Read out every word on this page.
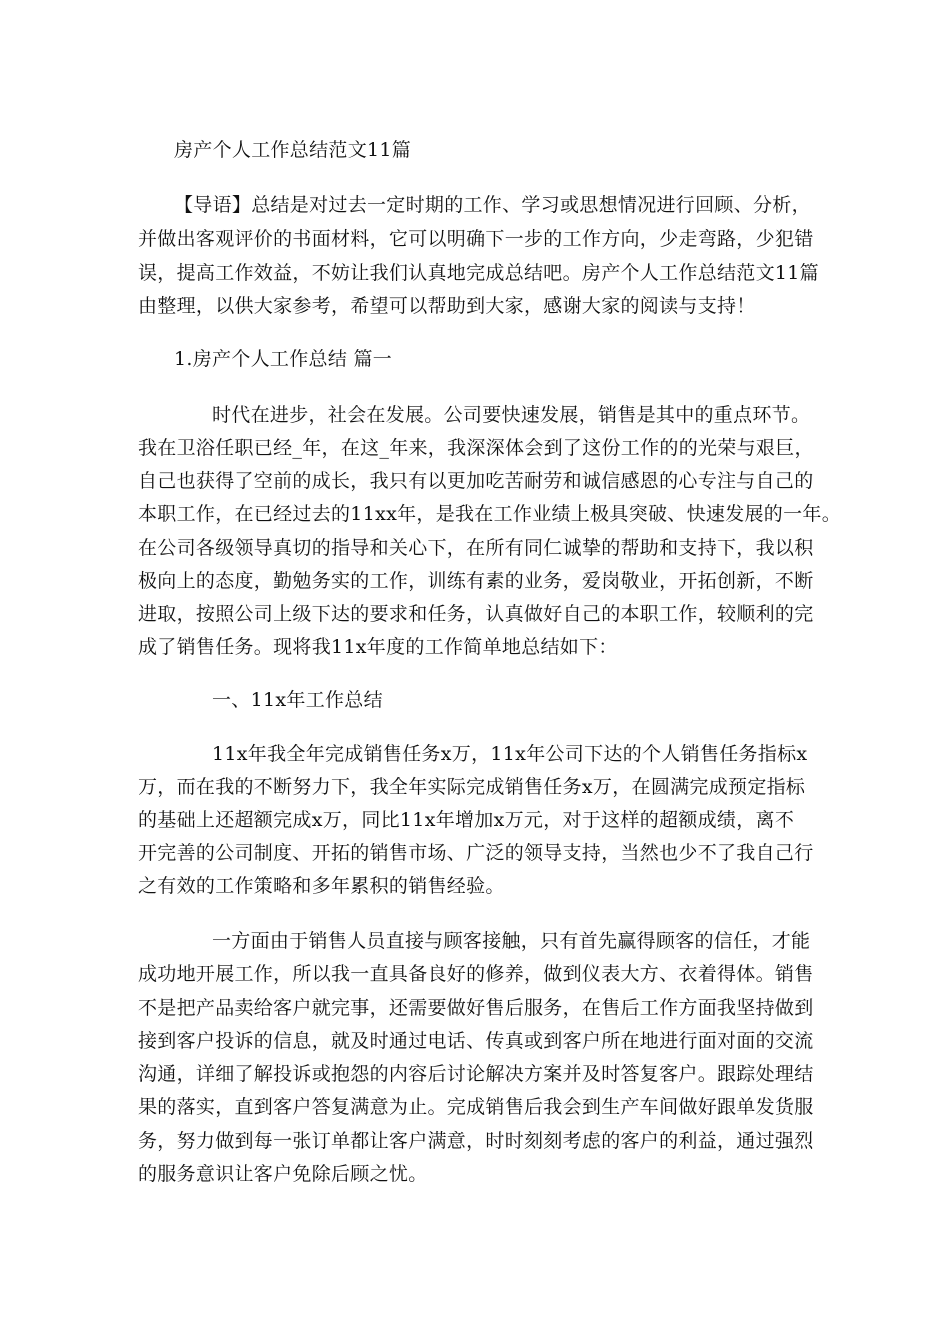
房产个人工作总结范文11篇
【导语】总结是对过去一定时期的工作、学习或思想情况进行回顾、分析，
并做出客观评价的书面材料，它可以明确下一步的工作方向，少走弯路，少犯错
误，提高工作效益，不妨让我们认真地完成总结吧。房产个人工作总结范文11篇
由整理，以供大家参考，希望可以帮助到大家，感谢大家的阅读与支持！
1.房产个人工作总结 篇一
时代在进步，社会在发展。公司要快速发展，销售是其中的重点环节。
我在卫浴任职已经_年，在这_年来，我深深体会到了这份工作的的光荣与艰巨，
自己也获得了空前的成长，我只有以更加吃苦耐劳和诚信感恩的心专注与自己的
本职工作，在已经过去的11xx年，是我在工作业绩上极具突破、快速发展的一年。
在公司各级领导真切的指导和关心下，在所有同仁诚挚的帮助和支持下，我以积
极向上的态度，勤勉务实的工作，训练有素的业务，爱岗敬业，开拓创新，不断
进取，按照公司上级下达的要求和任务，认真做好自己的本职工作，较顺利的完
成了销售任务。现将我11x年度的工作简单地总结如下：
一、11x年工作总结
11x年我全年完成销售任务x万，11x年公司下达的个人销售任务指标x
万，而在我的不断努力下，我全年实际完成销售任务x万，在圆满完成预定指标
的基础上还超额完成x万，同比11x年增加x万元，对于这样的超额成绩，离不
开完善的公司制度、开拓的销售市场、广泛的领导支持，当然也少不了我自己行
之有效的工作策略和多年累积的销售经验。
一方面由于销售人员直接与顾客接触，只有首先赢得顾客的信任，才能
成功地开展工作，所以我一直具备良好的修养，做到仪表大方、衣着得体。销售
不是把产品卖给客户就完事，还需要做好售后服务，在售后工作方面我坚持做到
接到客户投诉的信息，就及时通过电话、传真或到客户所在地进行面对面的交流
沟通，详细了解投诉或抱怨的内容后讨论解决方案并及时答复客户。跟踪处理结
果的落实，直到客户答复满意为止。完成销售后我会到生产车间做好跟单发货服
务，努力做到每一张订单都让客户满意，时时刻刻考虑的客户的利益，通过强烈
的服务意识让客户免除后顾之忧。
